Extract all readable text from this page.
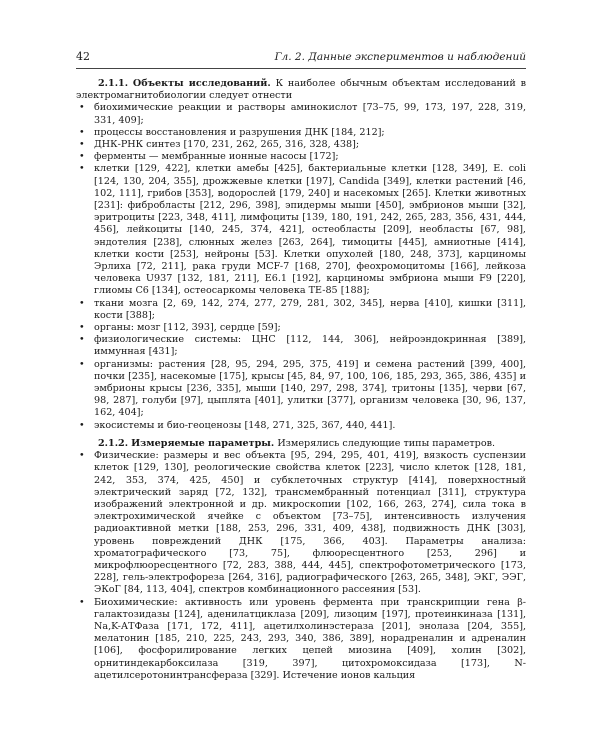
42	Гл. 2. Данные экспериментов и наблюдений

2.1.1. Объекты исследований. К наиболее обычным объектам исследований в электромагнитобиологии следует отнести

• биохимические реакции и растворы аминокислот [73–75, 99, 173, 197, 228, 319, 331, 409];
• процессы восстановления и разрушения ДНК [184, 212];
• ДНК-РНК синтез [170, 231, 262, 265, 316, 328, 438];
• ферменты — мембранные ионные насосы [172];
• клетки [129, 422], клетки амебы [425], бактериальные клетки [128, 349], E. coli [124, 130, 204, 355], дрожжевые клетки [197], Candida [349], клетки растений [46, 102, 111], грибов [353], водорослей [179, 240] и насекомых [265]. Клетки животных [231]: фибробласты [212, 296, 398], эпидермы мыши [450], эмбрионов мыши [32], эритроциты [223, 348, 411], лимфоциты [139, 180, 191, 242, 265, 283, 356, 431, 444, 456], лейкоциты [140, 245, 374, 421], остеобласты [209], необласты [67, 98], эндотелия [238], слюнных желез [263, 264], тимоциты [445], амниотные [414], клетки кости [253], нейроны [53]. Клетки опухолей [180, 248, 373], карциномы Эрлиха [72, 211], рака груди MCF-7 [168, 270], феохромоцитомы [166], лейкоза человека U937 [132, 181, 211], E6.1 [192], карциномы эмбриона мыши F9 [220], глиомы C6 [134], остеосаркомы человека TE-85 [188];
• ткани мозга [2, 69, 142, 274, 277, 279, 281, 302, 345], нерва [410], кишки [311], кости [388];
• органы: мозг [112, 393], сердце [59];
• физиологические системы: ЦНС [112, 144, 306], нейроэндокринная [389], иммунная [431];
• организмы: растения [28, 95, 294, 295, 375, 419] и семена растений [399, 400], почки [235], насекомые [175], крысы [45, 84, 97, 100, 106, 185, 293, 365, 386, 435] и эмбрионы крысы [236, 335], мыши [140, 297, 298, 374], тритоны [135], черви [67, 98, 287], голуби [97], цыплята [401], улитки [377], организм человека [30, 96, 137, 162, 404];
• экосистемы и био-геоценозы [148, 271, 325, 367, 440, 441].

2.1.2. Измеряемые параметры. Измерялись следующие типы параметров.

• Физические: размеры и вес объекта [95, 294, 295, 401, 419], вязкость суспензии клеток [129, 130], реологические свойства клеток [223], число клеток [128, 181, 242, 353, 374, 425, 450] и субклеточных структур [414], поверхностный электрический заряд [72, 132], трансмембранный потенциал [311], структура изображений электронной и др. микроскопии [102, 166, 263, 274], сила тока в электрохимической ячейке с объектом [73–75], интенсивность излучения радиоактивной метки [188, 253, 296, 331, 409, 438], подвижность ДНК [303], уровень повреждений ДНК [175, 366, 403]. Параметры анализа: хроматографического [73, 75], флюоресцентного [253, 296] и микрофлюоресцентного [72, 283, 388, 444, 445], спектрофотометрического [173, 228], гель-электрофореза [264, 316], радиографического [263, 265, 348], ЭКГ, ЭЭГ, ЭКоГ [84, 113, 404], спектров комбинационного рассеяния [53].
• Биохимические: активность или уровень фермента при транскрипции гена β-галактозидазы [124], аденилатциклаза [209], лизоцим [197], протеинкиназа [131], Na,K-АТФаза [171, 172, 411], ацетилхолинэстераза [201], энолаза [204, 355], мелатонин [185, 210, 225, 243, 293, 340, 386, 389], норадреналин и адреналин [106], фосфорилирование легких цепей миозина [409], холин [302], орнитиндекарбоксилаза [319, 397], цитохромоксидаза [173], N-ацетилсеротонинтрансфераза [329]. Истечение ионов кальция
